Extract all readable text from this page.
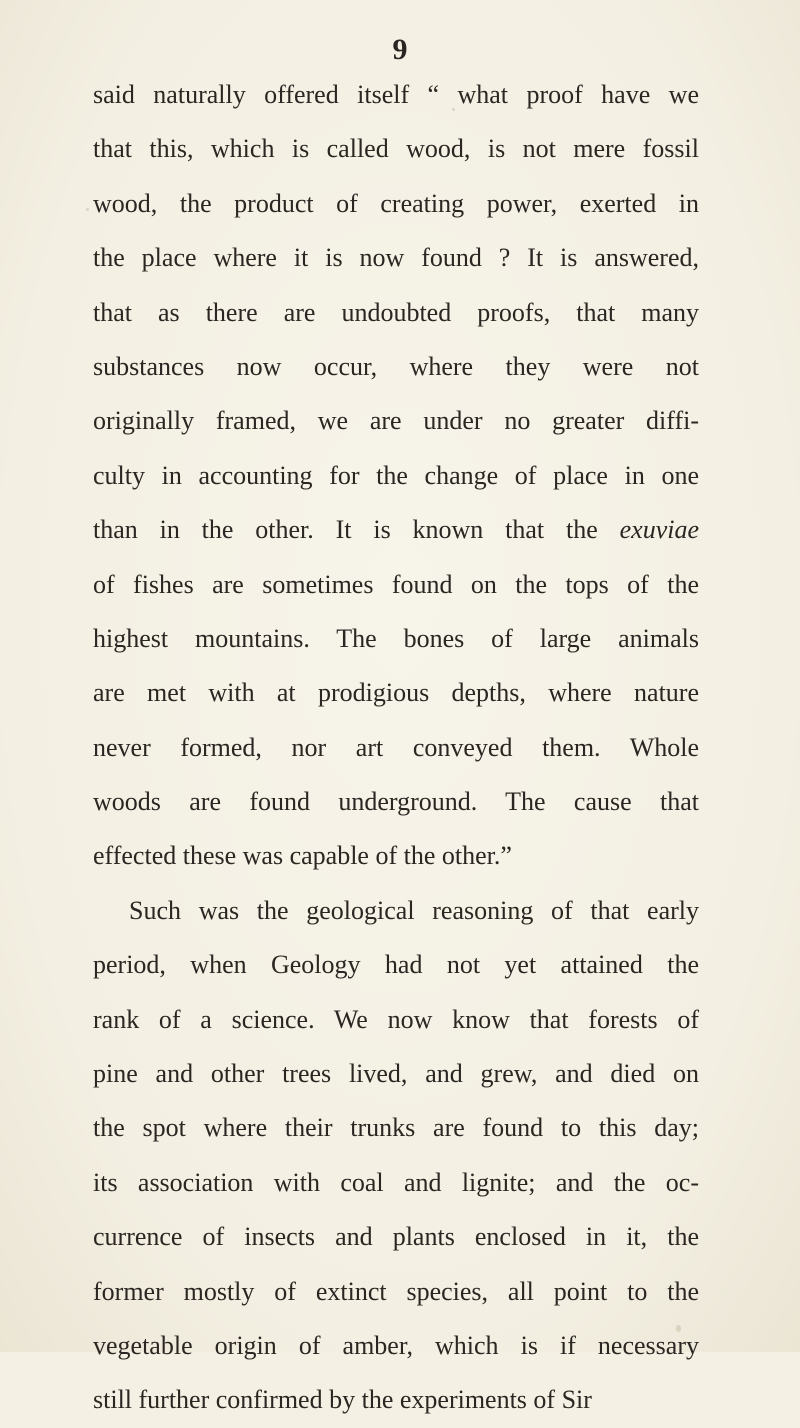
9
said naturally offered itself “ what proof have we
that this, which is called wood, is not mere fossil
wood, the product of creating power, exerted in
the place where it is now found ? It is answered,
that as there are undoubted proofs, that many
substances now occur, where they were not
originally framed, we are under no greater diffi-
culty in accounting for the change of place in one
than in the other. It is known that the exuviae
of fishes are sometimes found on the tops of the
highest mountains. The bones of large animals
are met with at prodigious depths, where nature
never formed, nor art conveyed them. Whole
woods are found underground. The cause that
effected these was capable of the other.”
Such was the geological reasoning of that early
period, when Geology had not yet attained the
rank of a science. We now know that forests of
pine and other trees lived, and grew, and died on
the spot where their trunks are found to this day;
its association with coal and lignite; and the oc-
currence of insects and plants enclosed in it, the
former mostly of extinct species, all point to the
vegetable origin of amber, which is if necessary
still further confirmed by the experiments of Sir
